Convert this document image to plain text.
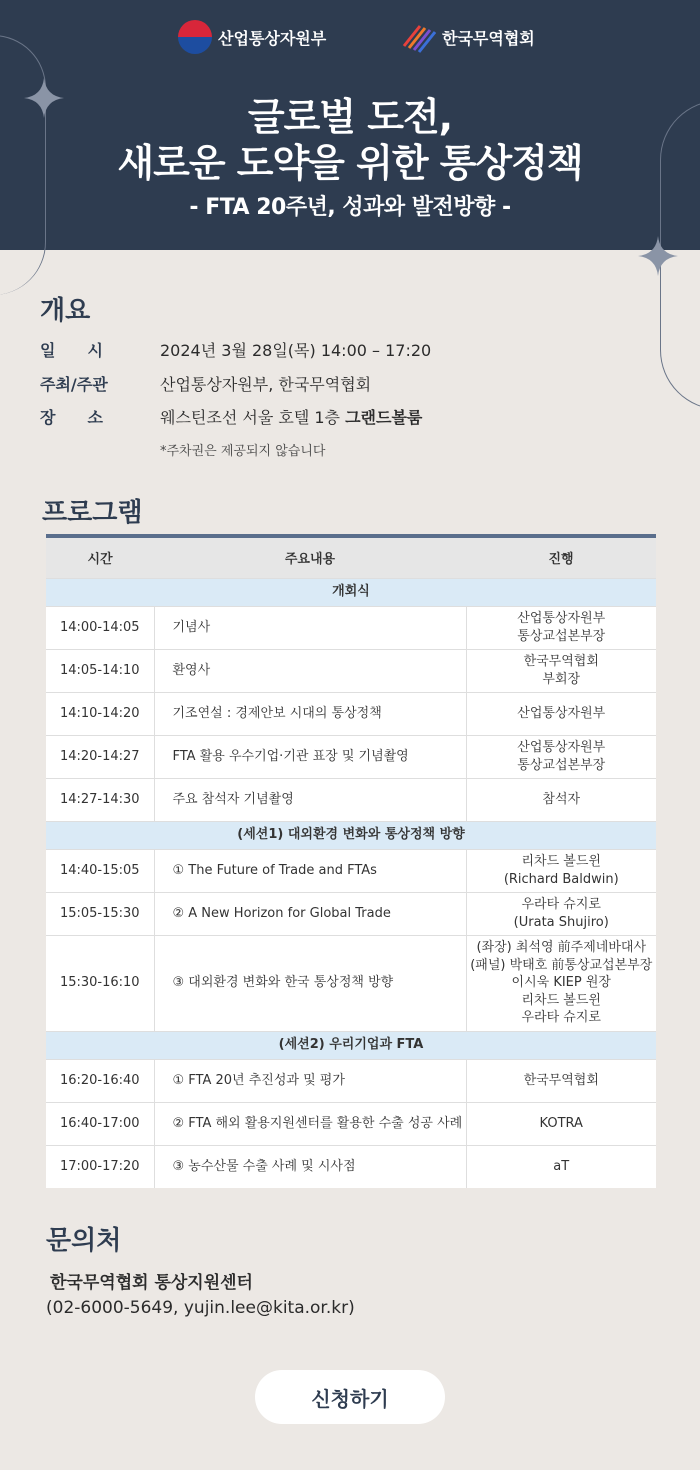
산업통상자원부	한국무역협회
글로벌 도전,
새로운 도약을 위한 통상정책
- FTA 20주년, 성과와 발전방향 -
개요
일　　시	2024년 3월 28일(목) 14:00 – 17:20
주최/주관	산업통상자원부, 한국무역협회
장　　소	웨스틴조선 서울 호텔 1층 그랜드볼룸
*주차권은 제공되지 않습니다
프로그램
시간	주요내용	진행
개회식		
14:00-14:05	기념사	산업통상자원부
통상교섭본부장

14:05-14:10	환영사	한국무역협회
부회장

14:10-14:20	기조연설 : 경제안보 시대의 통상정책	산업통상자원부

14:20-14:27	FTA 활용 우수기업·기관 표장 및 기념촬영	산업통상자원부
통상교섭본부장

14:27-14:30	주요 참석자 기념촬영	참석자

(세션1) 대외환경 변화와 통상정책 방향		
14:40-15:05	① The Future of Trade and FTAs	리차드 볼드윈
(Richard Baldwin)

15:05-15:30	② A New Horizon for Global Trade	우라타 슈지로
(Urata Shujiro)

15:30-16:10	③ 대외환경 변화와 한국 통상정책 방향	(좌장) 최석영 前주제네바대사
(패널) 박태호 前통상교섭본부장
이시욱 KIEP 원장
리차드 볼드윈
우라타 슈지로

(세션2) 우리기업과 FTA		
16:20-16:40	① FTA 20년 추진성과 및 평가	한국무역협회

16:40-17:00	② FTA 해외 활용지원센터를 활용한 수출 성공 사례	KOTRA

17:00-17:20	③ 농수산물 수출 사례 및 시사점	aT
문의처
한국무역협회 통상지원센터
(02-6000-5649, yujin.lee@kita.or.kr)
신청하기
